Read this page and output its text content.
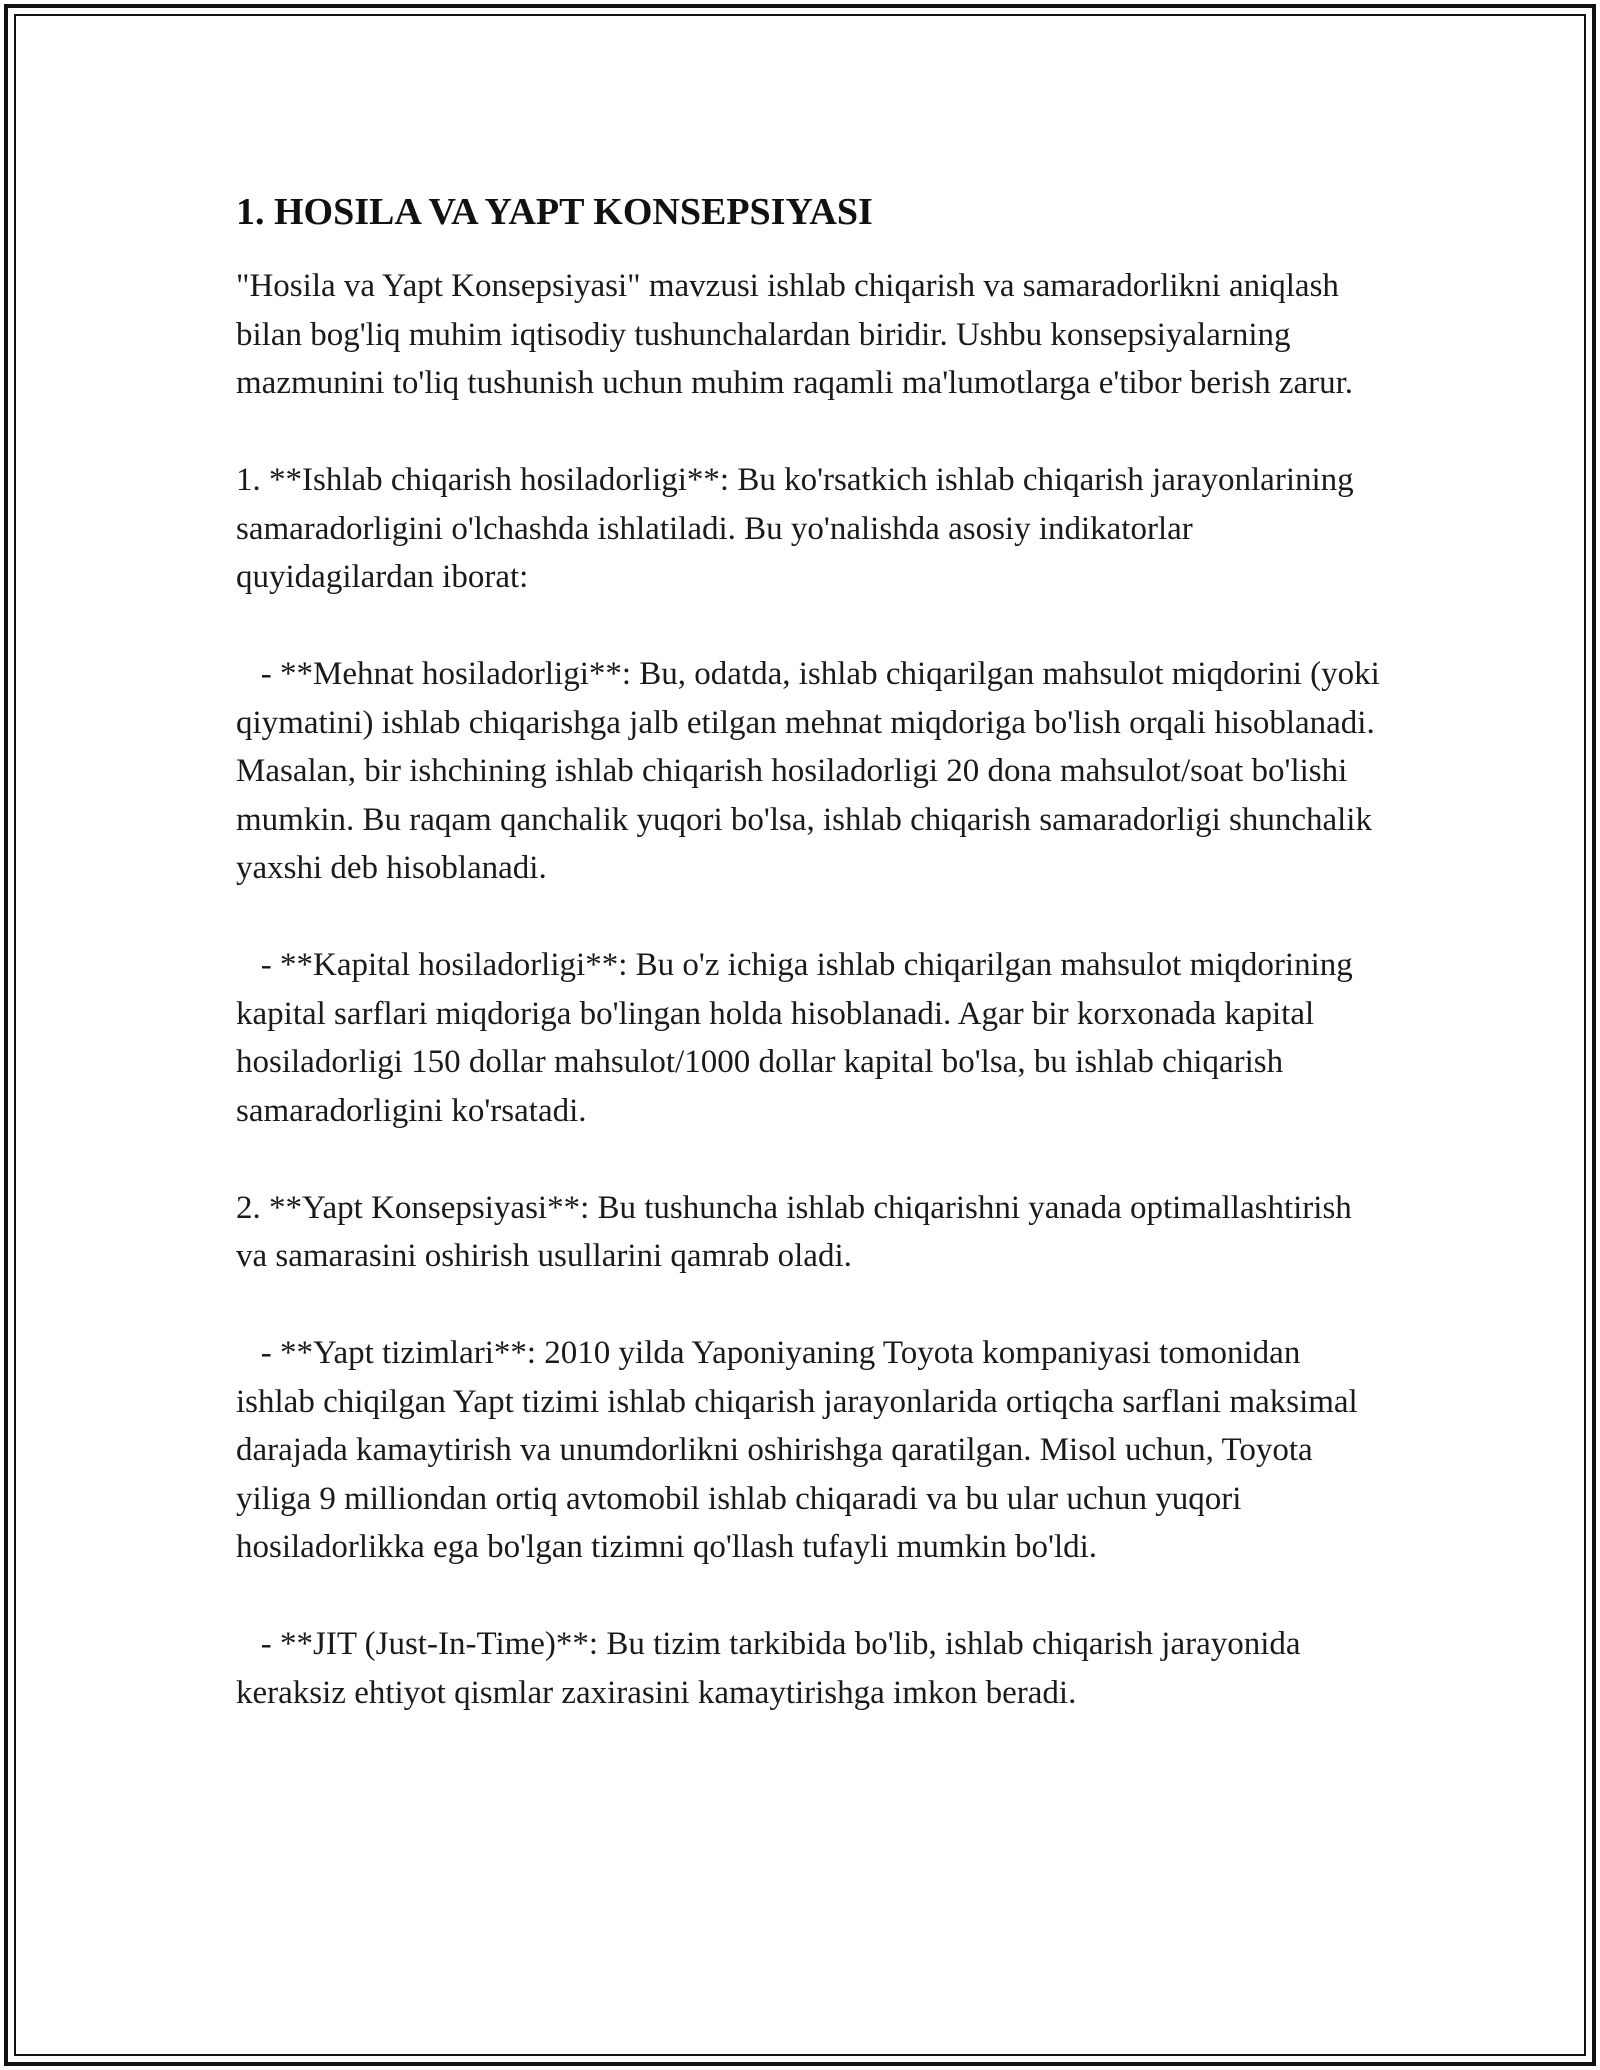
1. HOSILA VA YAPT KONSEPSIYASI

"Hosila va Yapt Konsepsiyasi" mavzusi ishlab chiqarish va samaradorlikni aniqlash bilan bog'liq muhim iqtisodiy tushunchalardan biridir. Ushbu konsepsiyalarning mazmunini to'liq tushunish uchun muhim raqamli ma'lumotlarga e'tibor berish zarur.

1. **Ishlab chiqarish hosiladorligi**: Bu ko'rsatkich ishlab chiqarish jarayonlarining samaradorligini o'lchashda ishlatiladi. Bu yo'nalishda asosiy indikatorlar quyidagilardan iborat:

- **Mehnat hosiladorligi**: Bu, odatda, ishlab chiqarilgan mahsulot miqdorini (yoki qiymatini) ishlab chiqarishga jalb etilgan mehnat miqdoriga bo'lish orqali hisoblanadi. Masalan, bir ishchining ishlab chiqarish hosiladorligi 20 dona mahsulot/soat bo'lishi mumkin. Bu raqam qanchalik yuqori bo'lsa, ishlab chiqarish samaradorligi shunchalik yaxshi deb hisoblanadi.

- **Kapital hosiladorligi**: Bu o'z ichiga ishlab chiqarilgan mahsulot miqdorining kapital sarflari miqdoriga bo'lingan holda hisoblanadi. Agar bir korxonada kapital hosiladorligi 150 dollar mahsulot/1000 dollar kapital bo'lsa, bu ishlab chiqarish samaradorligini ko'rsatadi.

2. **Yapt Konsepsiyasi**: Bu tushuncha ishlab chiqarishni yanada optimallashtirish va samarasini oshirish usullarini qamrab oladi.

- **Yapt tizimlari**: 2010 yilda Yaponiyaning Toyota kompaniyasi tomonidan ishlab chiqilgan Yapt tizimi ishlab chiqarish jarayonlarida ortiqcha sarflani maksimal darajada kamaytirish va unumdorlikni oshirishga qaratilgan. Misol uchun, Toyota yiliga 9 milliondan ortiq avtomobil ishlab chiqaradi va bu ular uchun yuqori hosiladorlikka ega bo'lgan tizimni qo'llash tufayli mumkin bo'ldi.

- **JIT (Just-In-Time)**: Bu tizim tarkibida bo'lib, ishlab chiqarish jarayonida keraksiz ehtiyot qismlar zaxirasini kamaytirishga imkon beradi.
